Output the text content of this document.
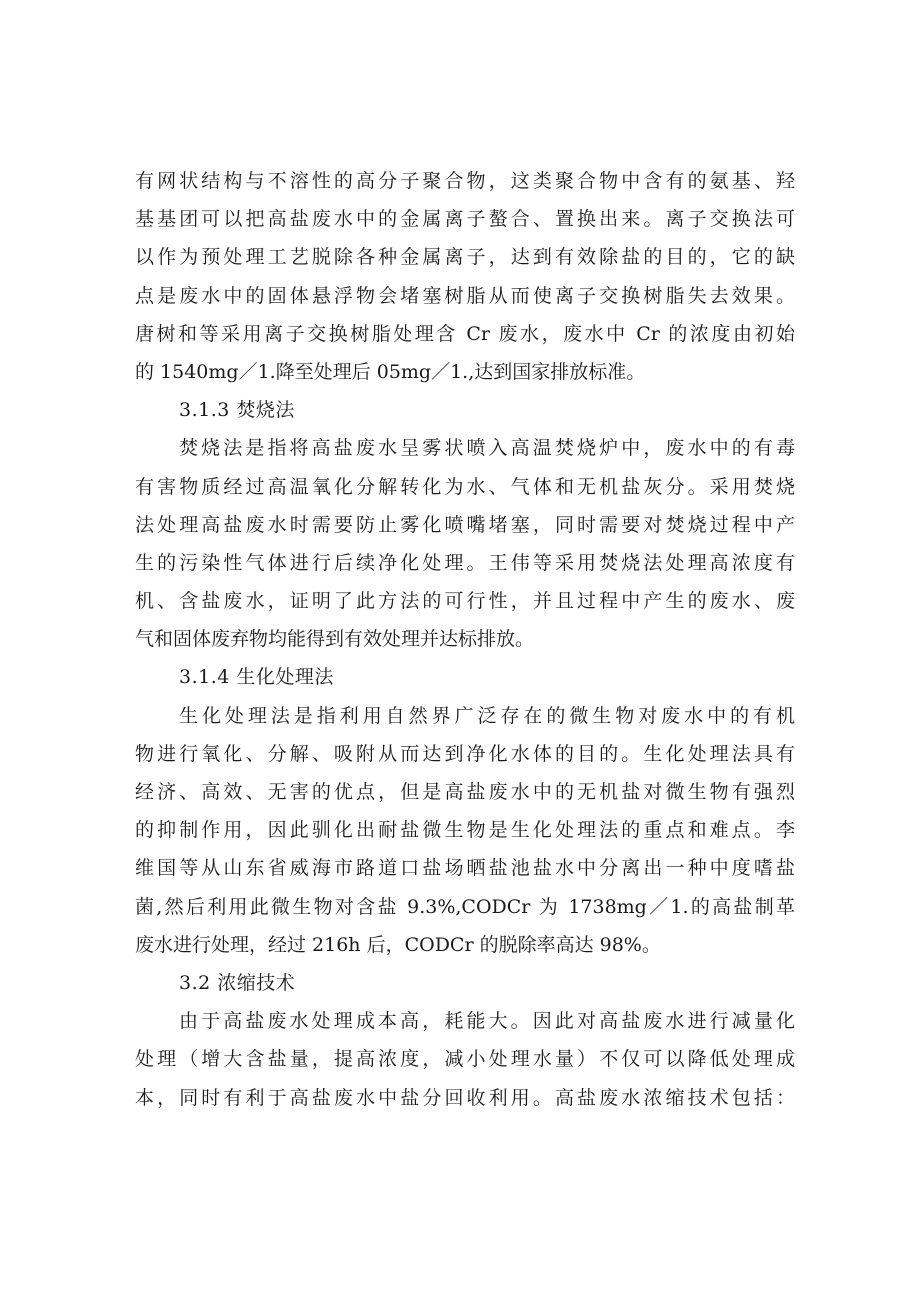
有网状结构与不溶性的高分子聚合物，这类聚合物中含有的氨基、羟
基基团可以把高盐废水中的金属离子螯合、置换出来。离子交换法可
以作为预处理工艺脱除各种金属离子，达到有效除盐的目的，它的缺
点是废水中的固体悬浮物会堵塞树脂从而使离子交换树脂失去效果。
唐树和等采用离子交换树脂处理含 Cr 废水，废水中 Cr 的浓度由初始
的 1540mg／1.降至处理后 05mg／1.,达到国家排放标准。
3.1.3 焚烧法
焚烧法是指将高盐废水呈雾状喷入高温焚烧炉中，废水中的有毒
有害物质经过高温氧化分解转化为水、气体和无机盐灰分。采用焚烧
法处理高盐废水时需要防止雾化喷嘴堵塞，同时需要对焚烧过程中产
生的污染性气体进行后续净化处理。王伟等采用焚烧法处理高浓度有
机、含盐废水，证明了此方法的可行性，并且过程中产生的废水、废
气和固体废弃物均能得到有效处理并达标排放。
3.1.4 生化处理法
生化处理法是指利用自然界广泛存在的微生物对废水中的有机
物进行氧化、分解、吸附从而达到净化水体的目的。生化处理法具有
经济、高效、无害的优点，但是高盐废水中的无机盐对微生物有强烈
的抑制作用，因此驯化出耐盐微生物是生化处理法的重点和难点。李
维国等从山东省威海市路道口盐场晒盐池盐水中分离出一种中度嗜盐
菌,然后利用此微生物对含盐 9.3%,CODCr 为 1738mg／1.的高盐制革
废水进行处理，经过 216h 后，CODCr 的脱除率高达 98%。
3.2 浓缩技术
由于高盐废水处理成本高，耗能大。因此对高盐废水进行减量化
处理（增大含盐量，提高浓度，减小处理水量）不仅可以降低处理成
本，同时有利于高盐废水中盐分回收利用。高盐废水浓缩技术包括：
